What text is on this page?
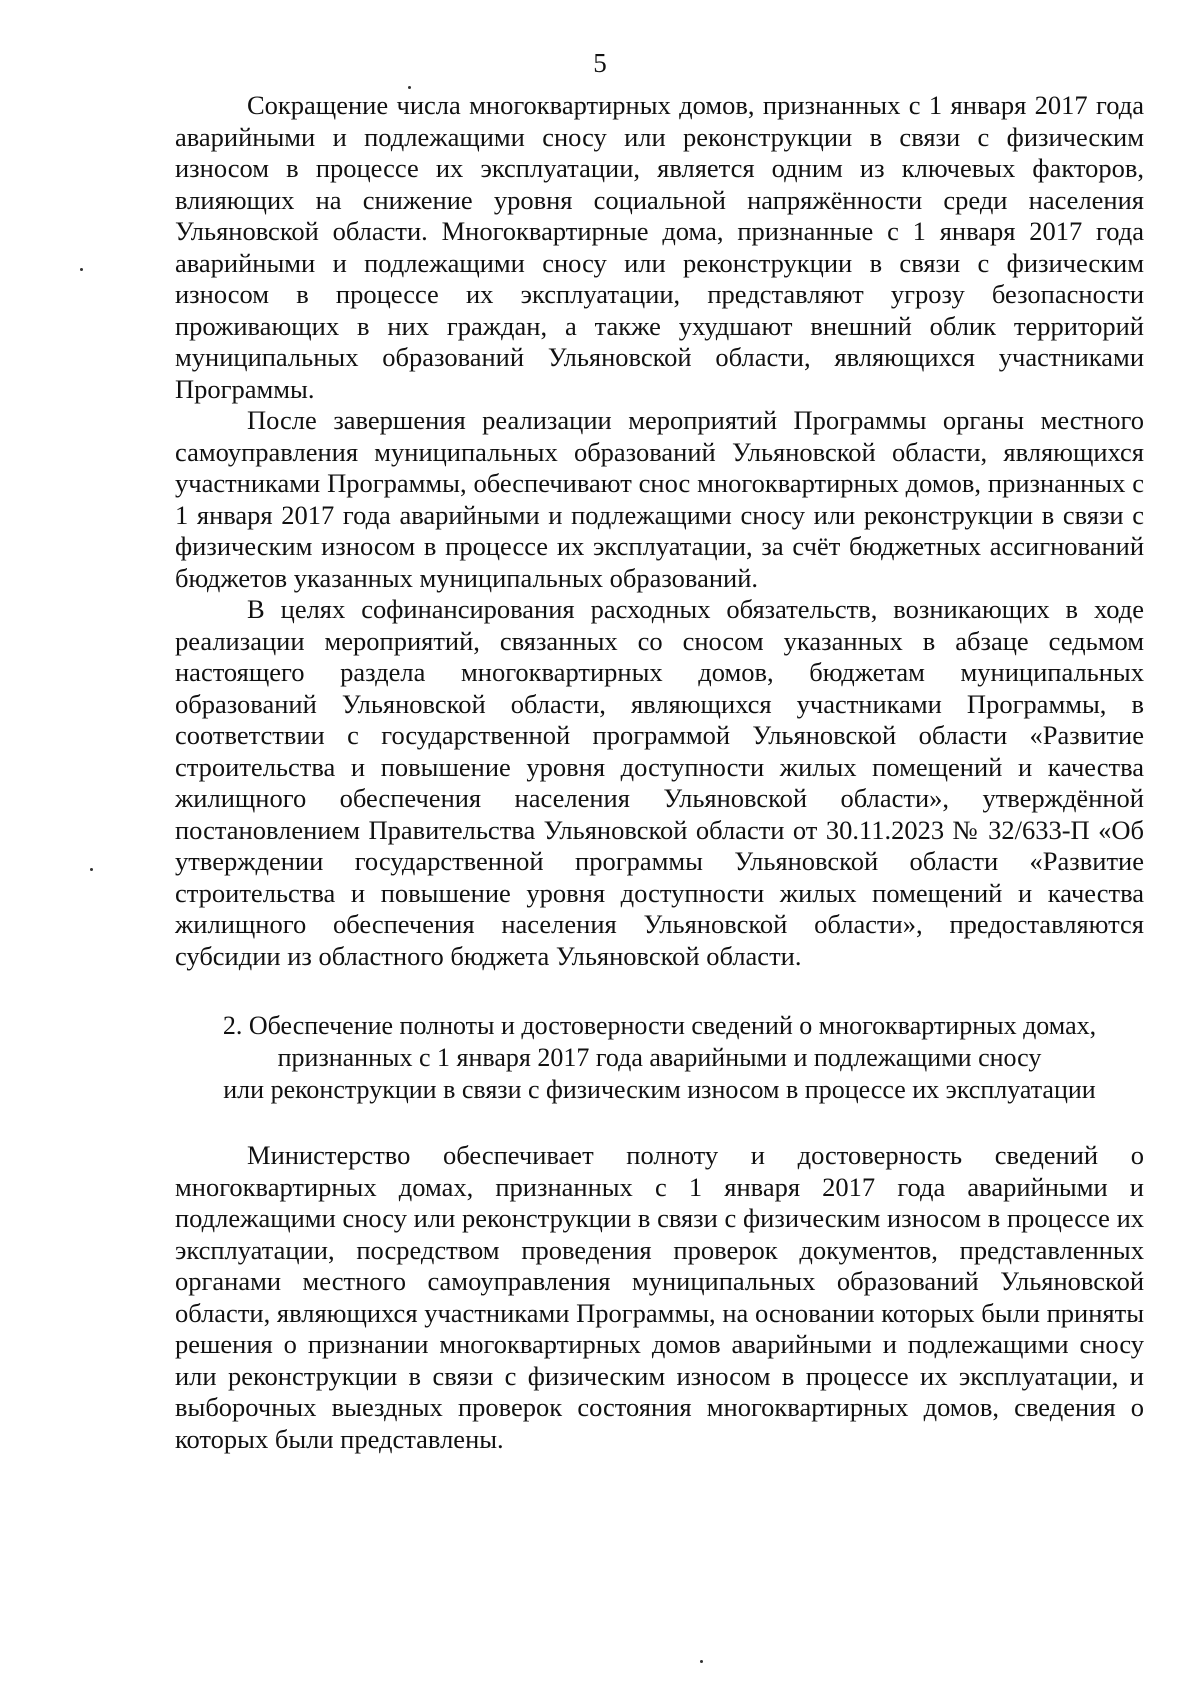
5

Сокращение числа многоквартирных домов, признанных с 1 января 2017 года аварийными и подлежащими сносу или реконструкции в связи с физическим износом в процессе их эксплуатации, является одним из ключевых факторов, влияющих на снижение уровня социальной напряжённости среди населения Ульяновской области. Многоквартирные дома, признанные с 1 января 2017 года аварийными и подлежащими сносу или реконструкции в связи с физическим износом в процессе их эксплуатации, представляют угрозу безопасности проживающих в них граждан, а также ухудшают внешний облик территорий муниципальных образований Ульяновской области, являющихся участниками Программы.

После завершения реализации мероприятий Программы органы местного самоуправления муниципальных образований Ульяновской области, являющихся участниками Программы, обеспечивают снос многоквартирных домов, признанных с 1 января 2017 года аварийными и подлежащими сносу или реконструкции в связи с физическим износом в процессе их эксплуатации, за счёт бюджетных ассигнований бюджетов указанных муниципальных образований.

В целях софинансирования расходных обязательств, возникающих в ходе реализации мероприятий, связанных со сносом указанных в абзаце седьмом настоящего раздела многоквартирных домов, бюджетам муниципальных образований Ульяновской области, являющихся участниками Программы, в соответствии с государственной программой Ульяновской области «Развитие строительства и повышение уровня доступности жилых помещений и качества жилищного обеспечения населения Ульяновской области», утверждённой постановлением Правительства Ульяновской области от 30.11.2023 № 32/633-П «Об утверждении государственной программы Ульяновской области «Развитие строительства и повышение уровня доступности жилых помещений и качества жилищного обеспечения населения Ульяновской области», предоставляются субсидии из областного бюджета Ульяновской области.

2. Обеспечение полноты и достоверности сведений о многоквартирных домах,
признанных с 1 января 2017 года аварийными и подлежащими сносу
или реконструкции в связи с физическим износом в процессе их эксплуатации

Министерство обеспечивает полноту и достоверность сведений о многоквартирных домах, признанных с 1 января 2017 года аварийными и подлежащими сносу или реконструкции в связи с физическим износом в процессе их эксплуатации, посредством проведения проверок документов, представленных органами местного самоуправления муниципальных образований Ульяновской области, являющихся участниками Программы, на основании которых были приняты решения о признании многоквартирных домов аварийными и подлежащими сносу или реконструкции в связи с физическим износом в процессе их эксплуатации, и выборочных выездных проверок состояния многоквартирных домов, сведения о которых были представлены.
